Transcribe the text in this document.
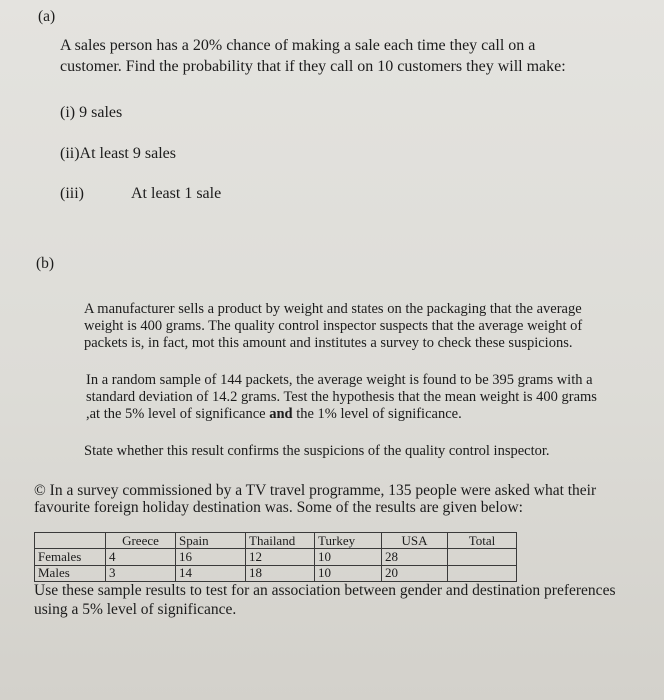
(a)
A sales person has a 20% chance of making a sale each time they call on a
customer. Find the probability that if they call on 10 customers they will make:
(i) 9 sales
(ii)At least 9 sales
(iii)	At least 1 sale
(b)
A manufacturer sells a product by weight and states on the packaging that the average
weight is 400 grams. The quality control inspector suspects that the average weight of
packets is, in fact, mot this amount and institutes a survey to check these suspicions.
In a random sample of 144 packets, the average weight is found to be 395 grams with a
standard deviation of 14.2 grams. Test the hypothesis that the mean weight is 400 grams
,at the 5% level of significance and the 1% level of significance.
State whether this result confirms the suspicions of the quality control inspector.
© In a survey commissioned by a TV travel programme, 135 people were asked what their
favourite foreign holiday destination was. Some of the results are given below:
	Greece	Spain	Thailand	Turkey	USA	Total
Females	4	16	12	10	28	
Males	3	14	18	10	20	
Use these sample results to test for an association between gender and destination preferences
using a 5% level of significance.
